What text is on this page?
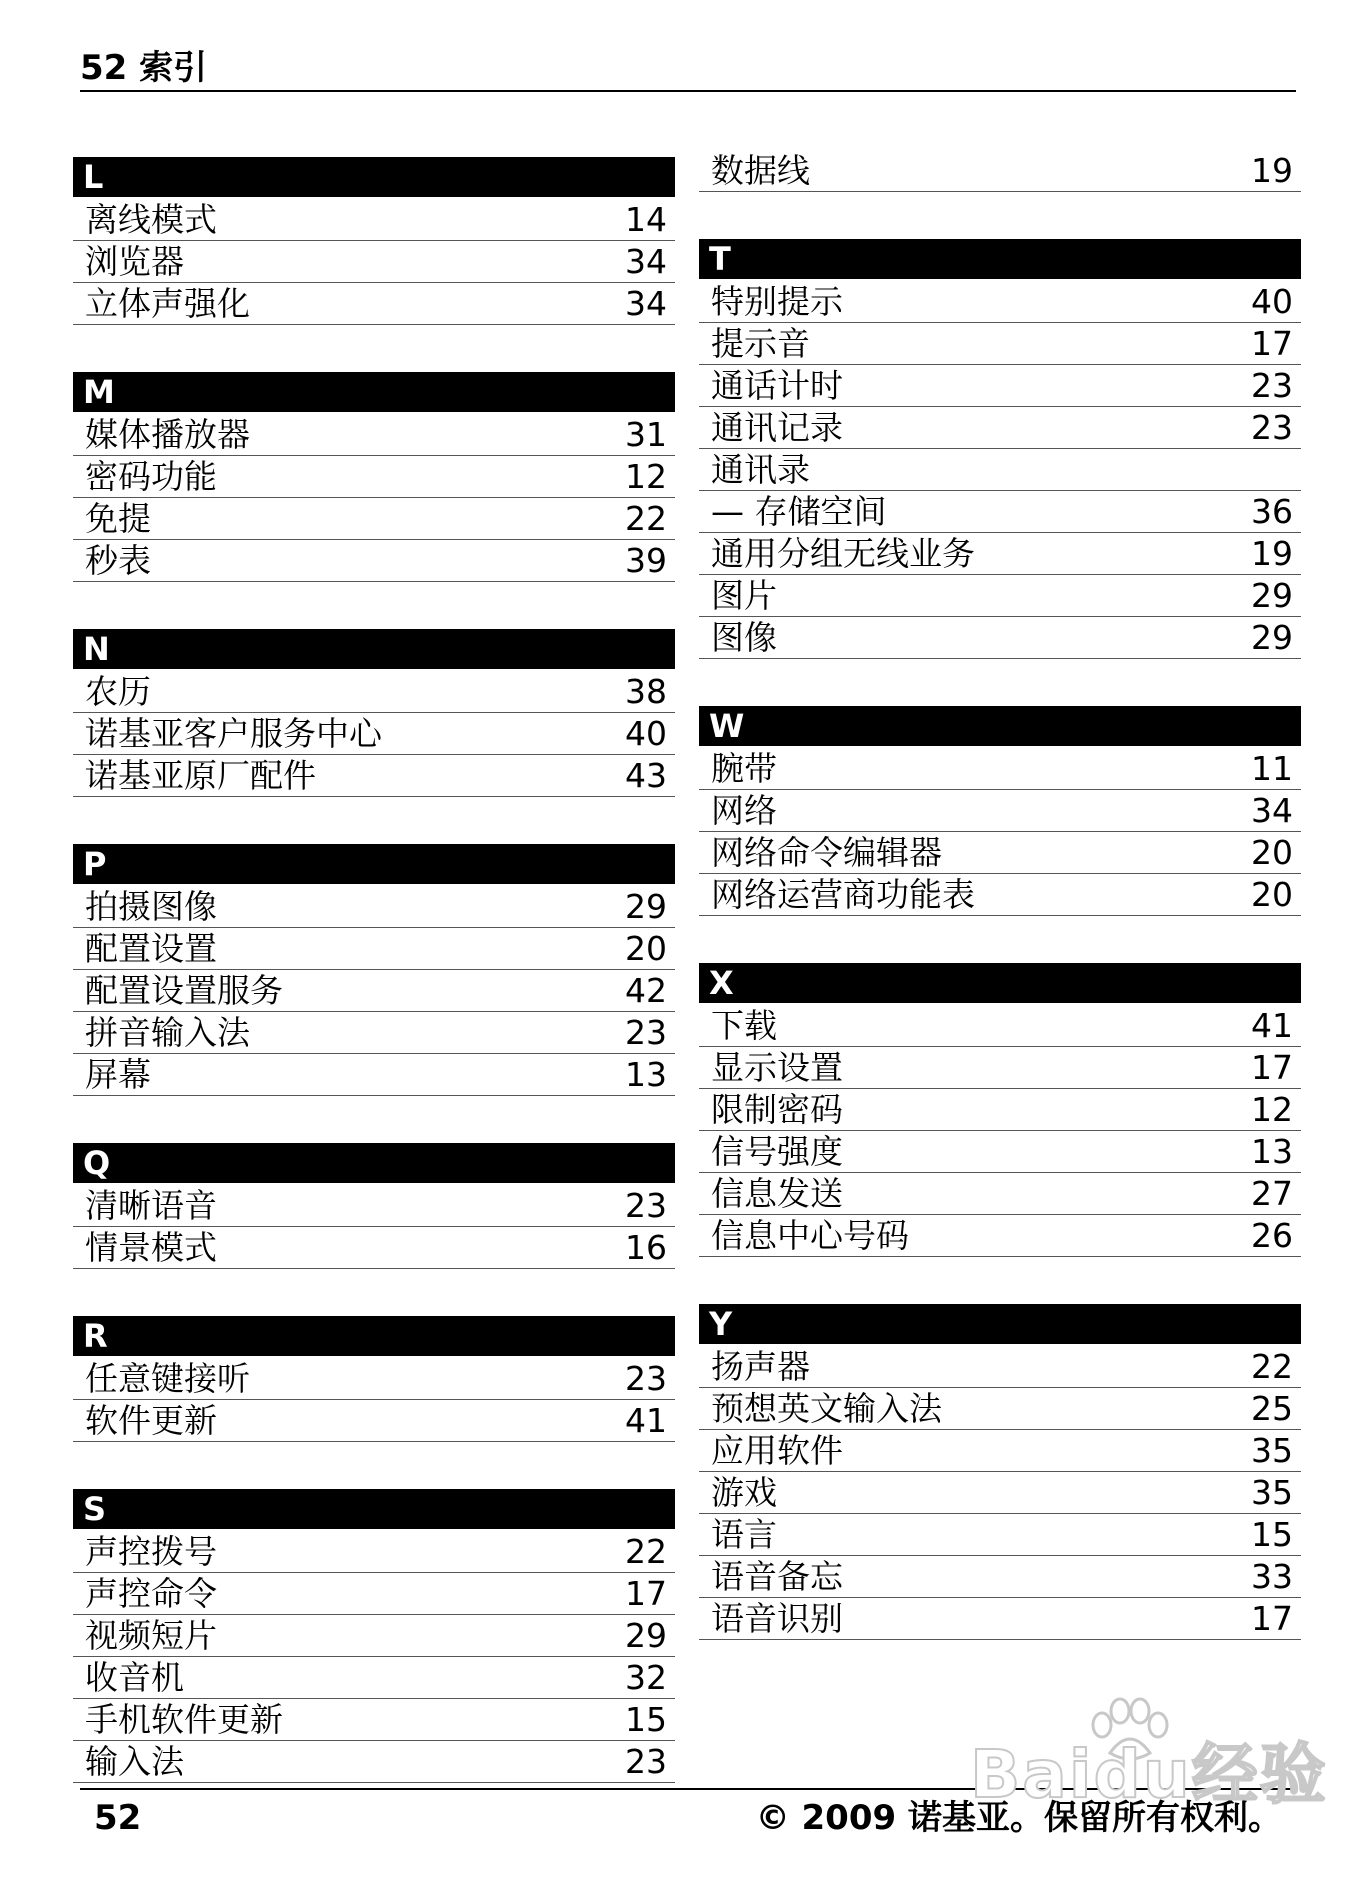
52 索引
L
离线模式	14
浏览器	34
立体声强化	34
M
媒体播放器	31
密码功能	12
免提	22
秒表	39
N
农历	38
诺基亚客户服务中心	40
诺基亚原厂配件	43
P
拍摄图像	29
配置设置	20
配置设置服务	42
拼音输入法	23
屏幕	13
Q
清晰语音	23
情景模式	16
R
任意键接听	23
软件更新	41
S
声控拨号	22
声控命令	17
视频短片	29
收音机	32
手机软件更新	15
输入法	23
数据线	19
T
特别提示	40
提示音	17
通话计时	23
通讯记录	23
通讯录
— 存储空间	36
通用分组无线业务	19
图片	29
图像	29
W
腕带	11
网络	34
网络命令编辑器	20
网络运营商功能表	20
X
下载	41
显示设置	17
限制密码	12
信号强度	13
信息发送	27
信息中心号码	26
Y
扬声器	22
预想英文输入法	25
应用软件	35
游戏	35
语言	15
语音备忘	33
语音识别	17
52	© 2009 诺基亚。保留所有权利。
Baidu经验
